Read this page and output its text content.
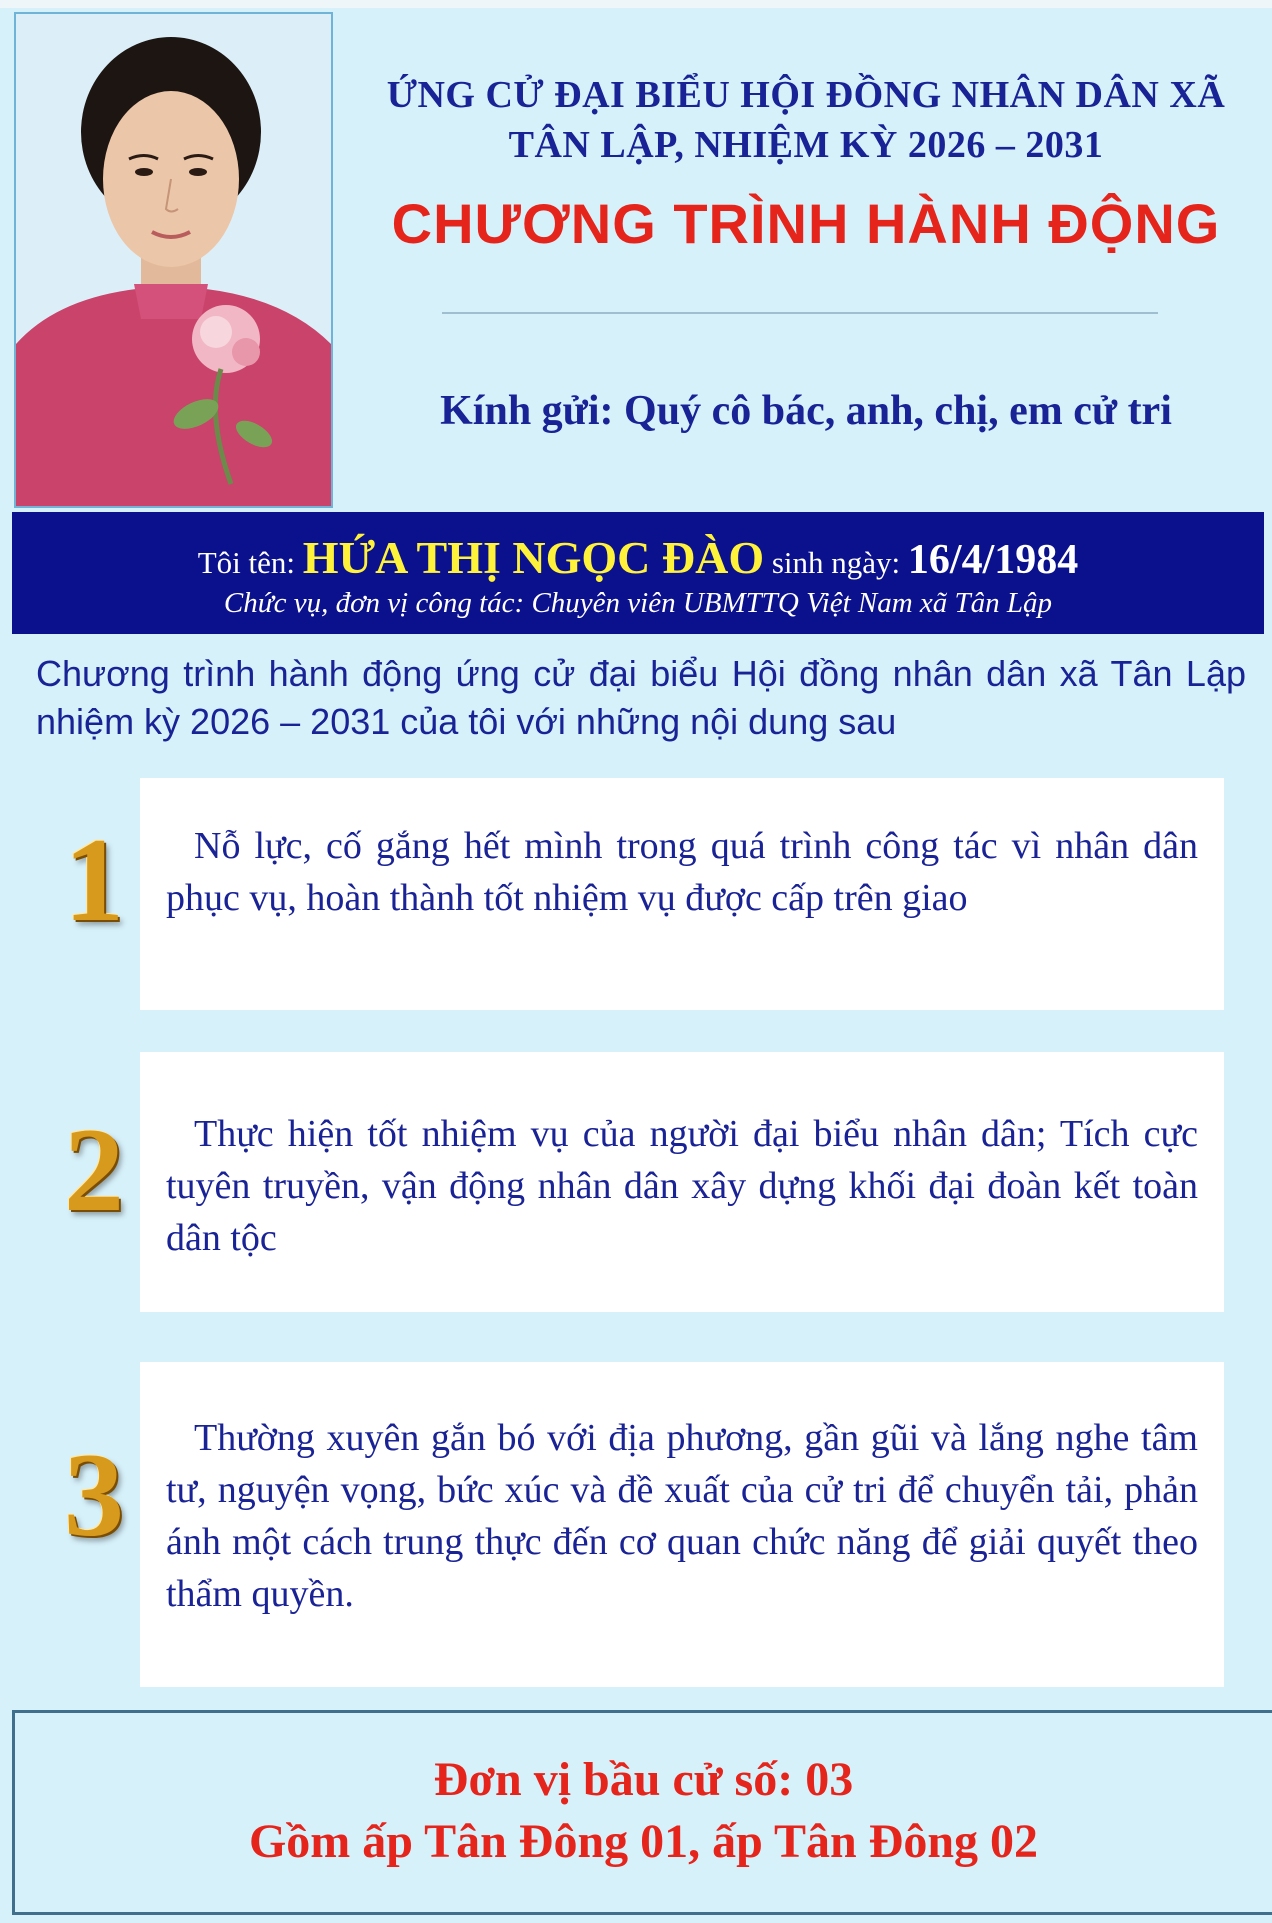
ỨNG CỬ ĐẠI BIỂU HỘI ĐỒNG NHÂN DÂN XÃ
TÂN LẬP, NHIỆM KỲ 2026 – 2031
CHƯƠNG TRÌNH HÀNH ĐỘNG
Kính gửi: Quý cô bác, anh, chị, em cử tri
Tôi tên: HỨA THỊ NGỌC ĐÀO sinh ngày: 16/4/1984
Chức vụ, đơn vị công tác: Chuyên viên UBMTTQ Việt Nam xã Tân Lập
Chương trình hành động ứng cử đại biểu Hội đồng nhân dân xã Tân Lập nhiệm kỳ 2026 – 2031 của tôi với những nội dung sau
1	Nỗ lực, cố gắng hết mình trong quá trình công tác vì nhân dân phục vụ, hoàn thành tốt nhiệm vụ được cấp trên giao
2	Thực hiện tốt nhiệm vụ của người đại biểu nhân dân; Tích cực tuyên truyền, vận động nhân dân xây dựng khối đại đoàn kết toàn dân tộc
3	Thường xuyên gắn bó với địa phương, gần gũi và lắng nghe tâm tư, nguyện vọng, bức xúc và đề xuất của cử tri để chuyển tải, phản ánh một cách trung thực đến cơ quan chức năng để giải quyết theo thẩm quyền.
Đơn vị bầu cử số: 03
Gồm ấp Tân Đông 01, ấp Tân Đông 02
